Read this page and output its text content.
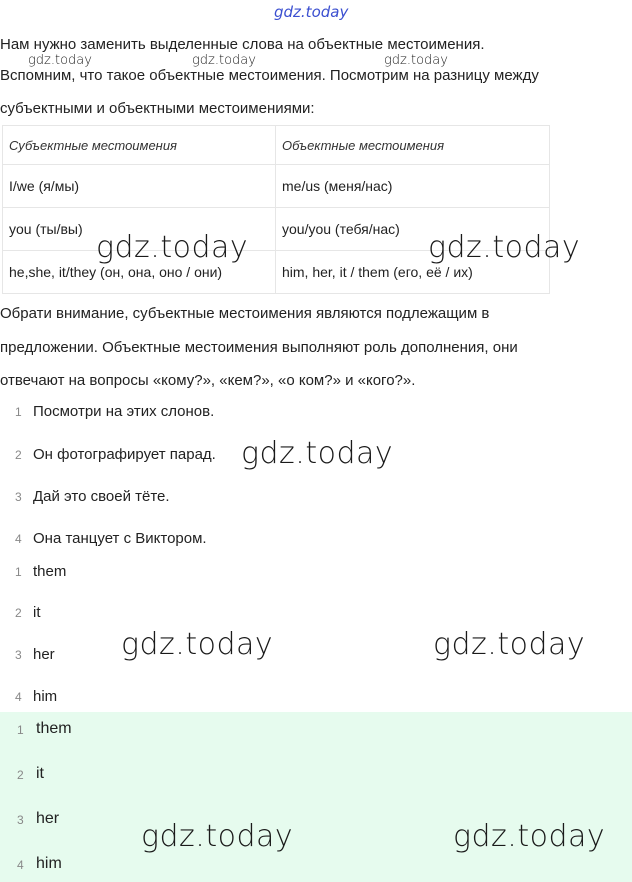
gdz.today
Нам нужно заменить выделенные слова на объектные местоимения.
gdz.today	gdz.today	gdz.today
Вспомним, что такое объектные местоимения. Посмотрим на разницу между
субъектными и объектными местоимениями:
Субъектные местоимения	Объектные местоимения
I/we (я/мы)	me/us (меня/нас)
you (ты/вы)	you/you (тебя/нас)
he,she, it/they (он, она, оно / они)	him, her, it / them (его, её / их)
gdz.today	gdz.today
Обрати внимание, субъектные местоимения являются подлежащим в
предложении. Объектные местоимения выполняют роль дополнения, они
отвечают на вопросы «кому?», «кем?», «о ком?» и «кого?».
1 Посмотри на этих слонов.
2 Он фотографирует парад. gdz.today
3 Дай это своей тёте.
4 Она танцует с Виктором.
1 them
2 it
3 her
4 him
gdz.today	gdz.today
1 them
2 it
3 her
4 him
gdz.today	gdz.today
